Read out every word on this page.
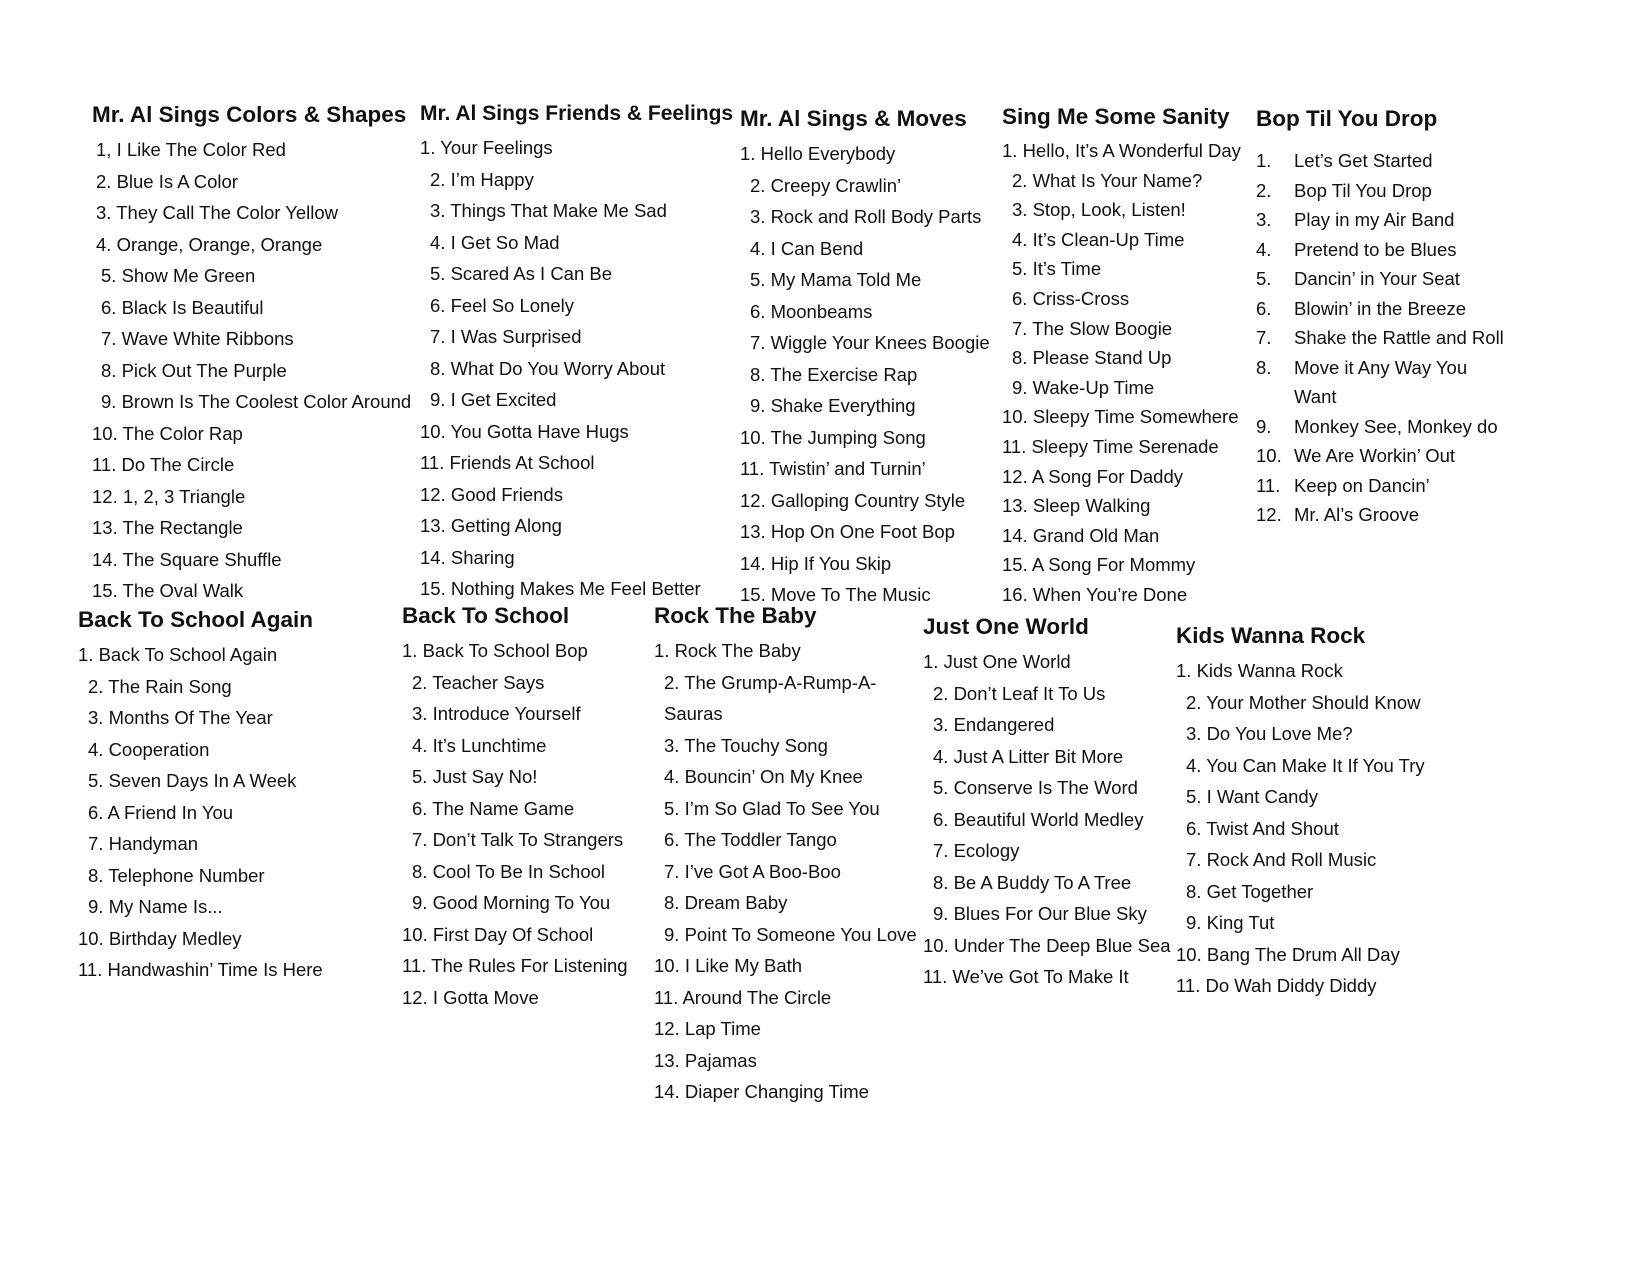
Mr. Al Sings Colors & Shapes
1, I Like The Color Red
2. Blue Is A Color
3. They Call The Color Yellow
4. Orange, Orange, Orange
5. Show Me Green
6. Black Is Beautiful
7. Wave White Ribbons
8. Pick Out The Purple
9. Brown Is The Coolest Color Around
10. The Color Rap
11. Do The Circle
12. 1, 2, 3 Triangle
13. The Rectangle
14. The Square Shuffle
15. The Oval Walk
Mr. Al Sings Friends & Feelings
1. Your Feelings
2. I’m Happy
3. Things That Make Me Sad
4. I Get So Mad
5. Scared As I Can Be
6. Feel So Lonely
7. I Was Surprised
8. What Do You Worry About
9. I Get Excited
10. You Gotta Have Hugs
11. Friends At School
12. Good Friends
13. Getting Along
14. Sharing
15. Nothing Makes Me Feel Better
Mr. Al Sings & Moves
1. Hello Everybody
2. Creepy Crawlin’
3. Rock and Roll Body Parts
4. I Can Bend
5. My Mama Told Me
6. Moonbeams
7. Wiggle Your Knees Boogie
8. The Exercise Rap
9. Shake Everything
10. The Jumping Song
11. Twistin’ and Turnin’
12. Galloping Country Style
13. Hop On One Foot Bop
14. Hip If You Skip
15. Move To The Music
Sing Me Some Sanity
1. Hello, It’s A Wonderful Day
2. What Is Your Name?
3. Stop, Look, Listen!
4. It’s Clean-Up Time
5. It’s Time
6. Criss-Cross
7. The Slow Boogie
8. Please Stand Up
9. Wake-Up Time
10. Sleepy Time Somewhere
11. Sleepy Time Serenade
12. A Song For Daddy
13. Sleep Walking
14. Grand Old Man
15. A Song For Mommy
16. When You’re Done
Bop Til You Drop
1.	Let’s Get Started
2.	Bop Til You Drop
3.	Play in my Air Band
4.	Pretend to be Blues
5.	Dancin’ in Your Seat
6.	Blowin’ in the Breeze
7.	Shake the Rattle and Roll
8.	Move it Any Way You Want
9.	Monkey See, Monkey do
10. We Are Workin’ Out
11. Keep on Dancin’
12. Mr. Al’s Groove
Back To School Again
1. Back To School Again
2. The Rain Song
3. Months Of The Year
4. Cooperation
5. Seven Days In A Week
6. A Friend In You
7. Handyman
8. Telephone Number
9. My Name Is...
10. Birthday Medley
11. Handwashin’ Time Is Here
Back To School
1. Back To School Bop
2. Teacher Says
3. Introduce Yourself
4. It’s Lunchtime
5. Just Say No!
6. The Name Game
7. Don’t Talk To Strangers
8. Cool To Be In School
9. Good Morning To You
10. First Day Of School
11. The Rules For Listening
12. I Gotta Move
Rock The Baby
1. Rock The Baby
2. The Grump-A-Rump-A-Sauras
3. The Touchy Song
4. Bouncin’ On My Knee
5. I’m So Glad To See You
6. The Toddler Tango
7. I’ve Got A Boo-Boo
8. Dream Baby
9. Point To Someone You Love
10. I Like My Bath
11. Around The Circle
12. Lap Time
13. Pajamas
14. Diaper Changing Time
Just One World
1. Just One World
2. Don’t Leaf It To Us
3. Endangered
4. Just A Litter Bit More
5. Conserve Is The Word
6. Beautiful World Medley
7. Ecology
8. Be A Buddy To A Tree
9. Blues For Our Blue Sky
10. Under The Deep Blue Sea
11. We’ve Got To Make It
Kids Wanna Rock
1. Kids Wanna Rock
2. Your Mother Should Know
3. Do You Love Me?
4. You Can Make It If You Try
5. I Want Candy
6. Twist And Shout
7. Rock And Roll Music
8. Get Together
9. King Tut
10. Bang The Drum All Day
11. Do Wah Diddy Diddy
